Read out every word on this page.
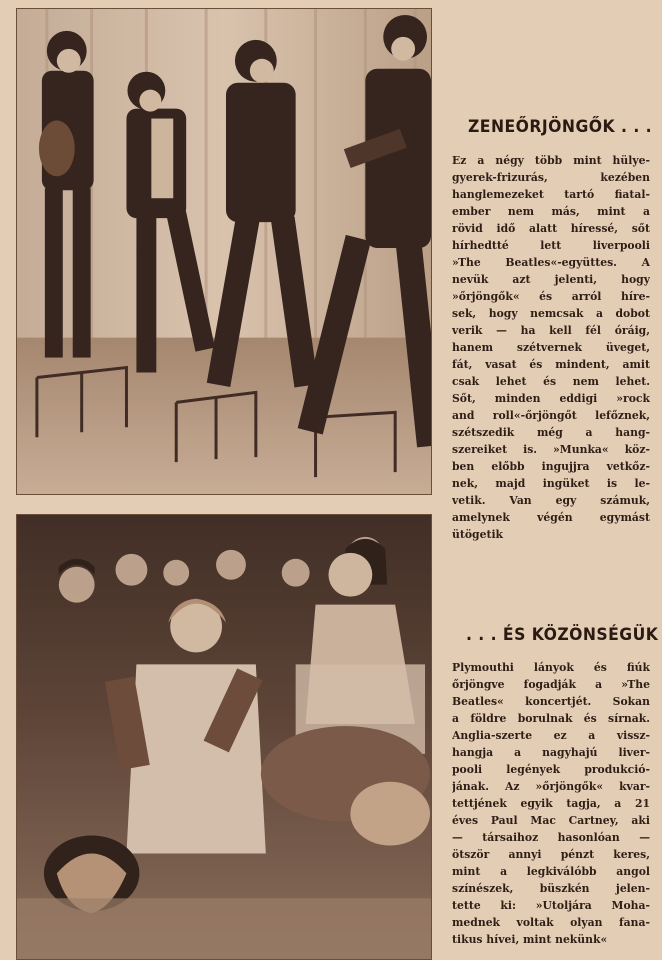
ZENEŐRJÖNGŐK . . .
Ez a négy több mint hülye-
gyerek-frizurás, kezében
hanglemezeket tartó fiatal-
ember nem más, mint a
rövid idő alatt híressé, sőt
hírhedtté lett liverpooli
»The Beatles«-együttes. A
nevük azt jelenti, hogy
»őrjöngők« és arról híre-
sek, hogy nemcsak a dobot
verik — ha kell fél óráig,
hanem szétvernek üveget,
fát, vasat és mindent, amit
csak lehet és nem lehet.
Sőt, minden eddigi »rock
and roll«-őrjöngőt lefőznek,
szétszedik még a hang-
szereiket is. »Munka« köz-
ben előbb ingujjra vetkőz-
nek, majd ingüket is le-
vetik. Van egy számuk,
amelynek végén egymást
ütögetik
. . . ÉS KÖZÖNSÉGÜK
Plymouthi lányok és fiúk
őrjöngve fogadják a »The
Beatles« koncertjét. Sokan
a földre borulnak és sírnak.
Anglia-szerte ez a vissz-
hangja a nagyhajú liver-
pooli legények produkció-
jának. Az »őrjöngők« kvar-
tettjének egyik tagja, a 21
éves Paul Mac Cartney, aki
— társaihoz hasonlóan —
ötször annyi pénzt keres,
mint a legkiválóbb angol
színészek, büszkén jelen-
tette ki: »Utoljára Moha-
mednek voltak olyan fana-
tikus hívei, mint nekünk«
